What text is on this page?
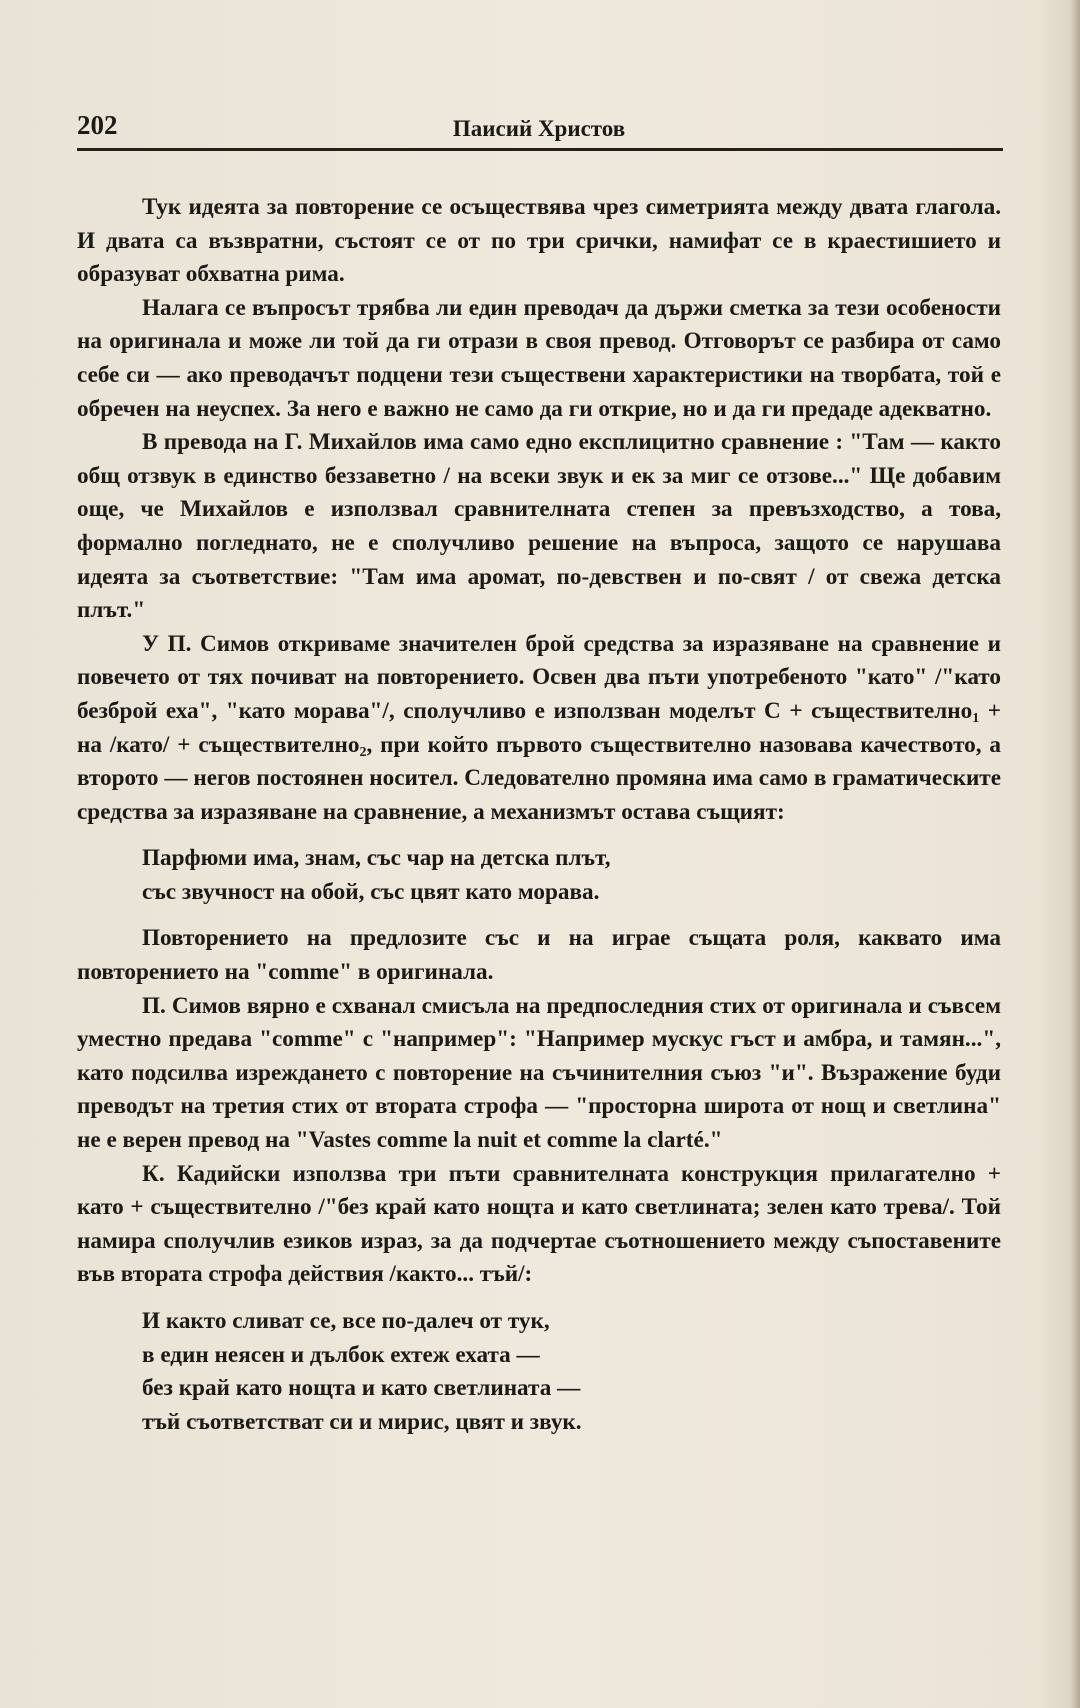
202	Паисий Христов

Тук идеята за повторение се осъществява чрез симетрията между двата глагола. И двата са възвратни, състоят се от по три срички, намифат се в краестишието и образуват обхватна рима.

Налага се въпросът трябва ли един преводач да държи сметка за тези особености на оригинала и може ли той да ги отрази в своя превод. Отговорът се разбира от само себе си — ако преводачът подцени тези съществени характеристики на творбата, той е обречен на неуспех. За него е важно не само да ги открие, но и да ги предаде адекватно.

В превода на Г. Михайлов има само едно експлицитно сравнение : "Там — както общ отзвук в единство беззаветно / на всеки звук и ек за миг се отзове..." Ще добавим още, че Михайлов е използвал сравнителната степен за превъзходство, а това, формално погледнато, не е сполучливо решение на въпроса, защото се нарушава идеята за съответствие: "Там има аромат, по-девствен и по-свят / от свежа детска плът."

У П. Симов откриваме значителен брой средства за изразяване на сравнение и повечето от тях почиват на повторението. Освен два пъти употребеното "като" /"като безброй еха", "като морава"/, сполучливо е използван моделът С + съществително$_1$ + на /като/ + съществително$_2$, при който първото съществително назовава качеството, а второто — негов постоянен носител. Следователно промяна има само в граматическите средства за изразяване на сравнение, а механизмът остава същият:

Парфюми има, знам, със чар на детска плът,
със звучност на обой, със цвят като морава.

Повторението на предлозите със и на играе същата роля, каквато има повторението на "comme" в оригинала.

П. Симов вярно е схванал смисъла на предпоследния стих от оригинала и съвсем уместно предава "comme" с "например": "Например мускус гъст и амбра, и тамян...", като подсилва изреждането с повторение на съчинителния съюз "и". Възражение буди преводът на третия стих от втората строфа — "просторна широта от нощ и светлина" не е верен превод на "Vastes comme la nuit et comme la clarté."

К. Кадийски използва три пъти сравнителната конструкция прилагателно + като + съществително /"без край като нощта и като светлината; зелен като трева/. Той намира сполучлив езиков израз, за да подчертае съотношението между съпоставените във втората строфа действия /както... тъй/:

И както сливат се, все по-далеч от тук,
в един неясен и дълбок ехтеж ехата —
без край като нощта и като светлината —
тъй съответстват си и мирис, цвят и звук.
